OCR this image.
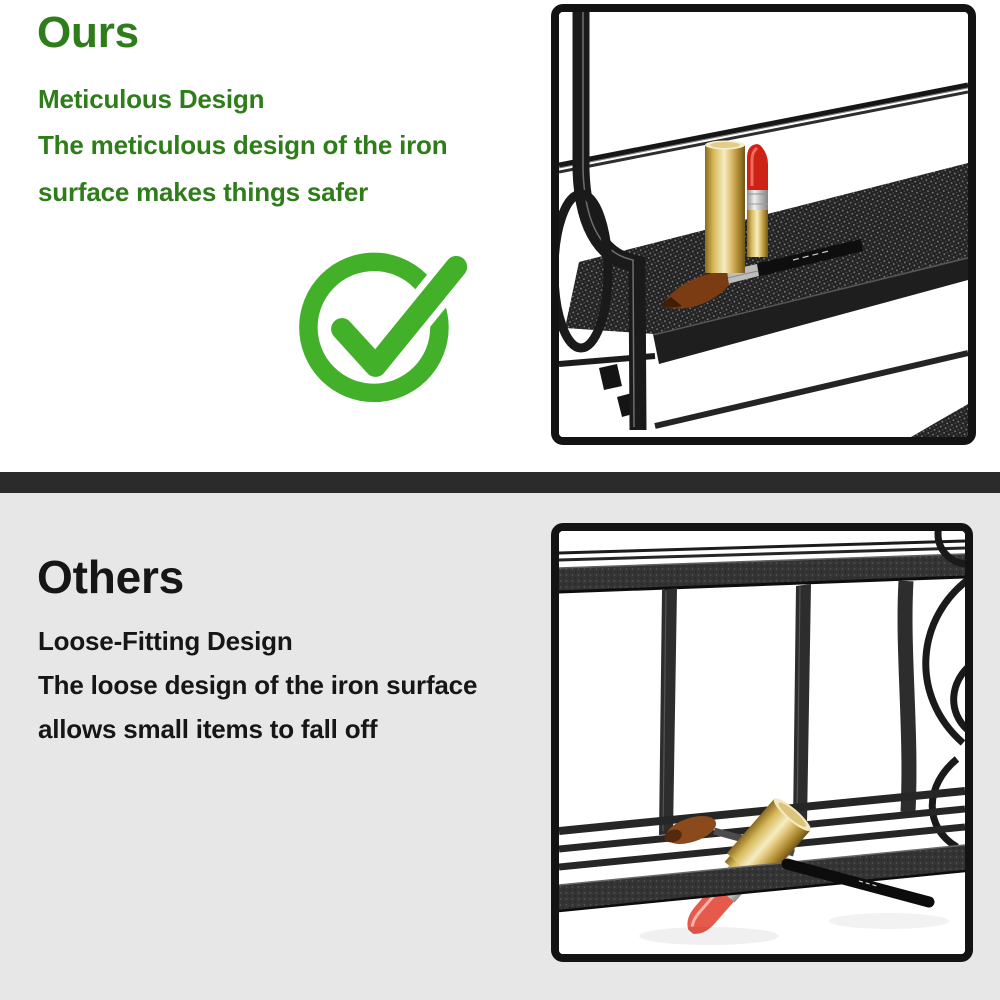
Ours

Meticulous Design

The meticulous design of the iron

surface makes things safer

Others

Loose-Fitting Design

The loose design of the iron surface

allows small items to fall off
